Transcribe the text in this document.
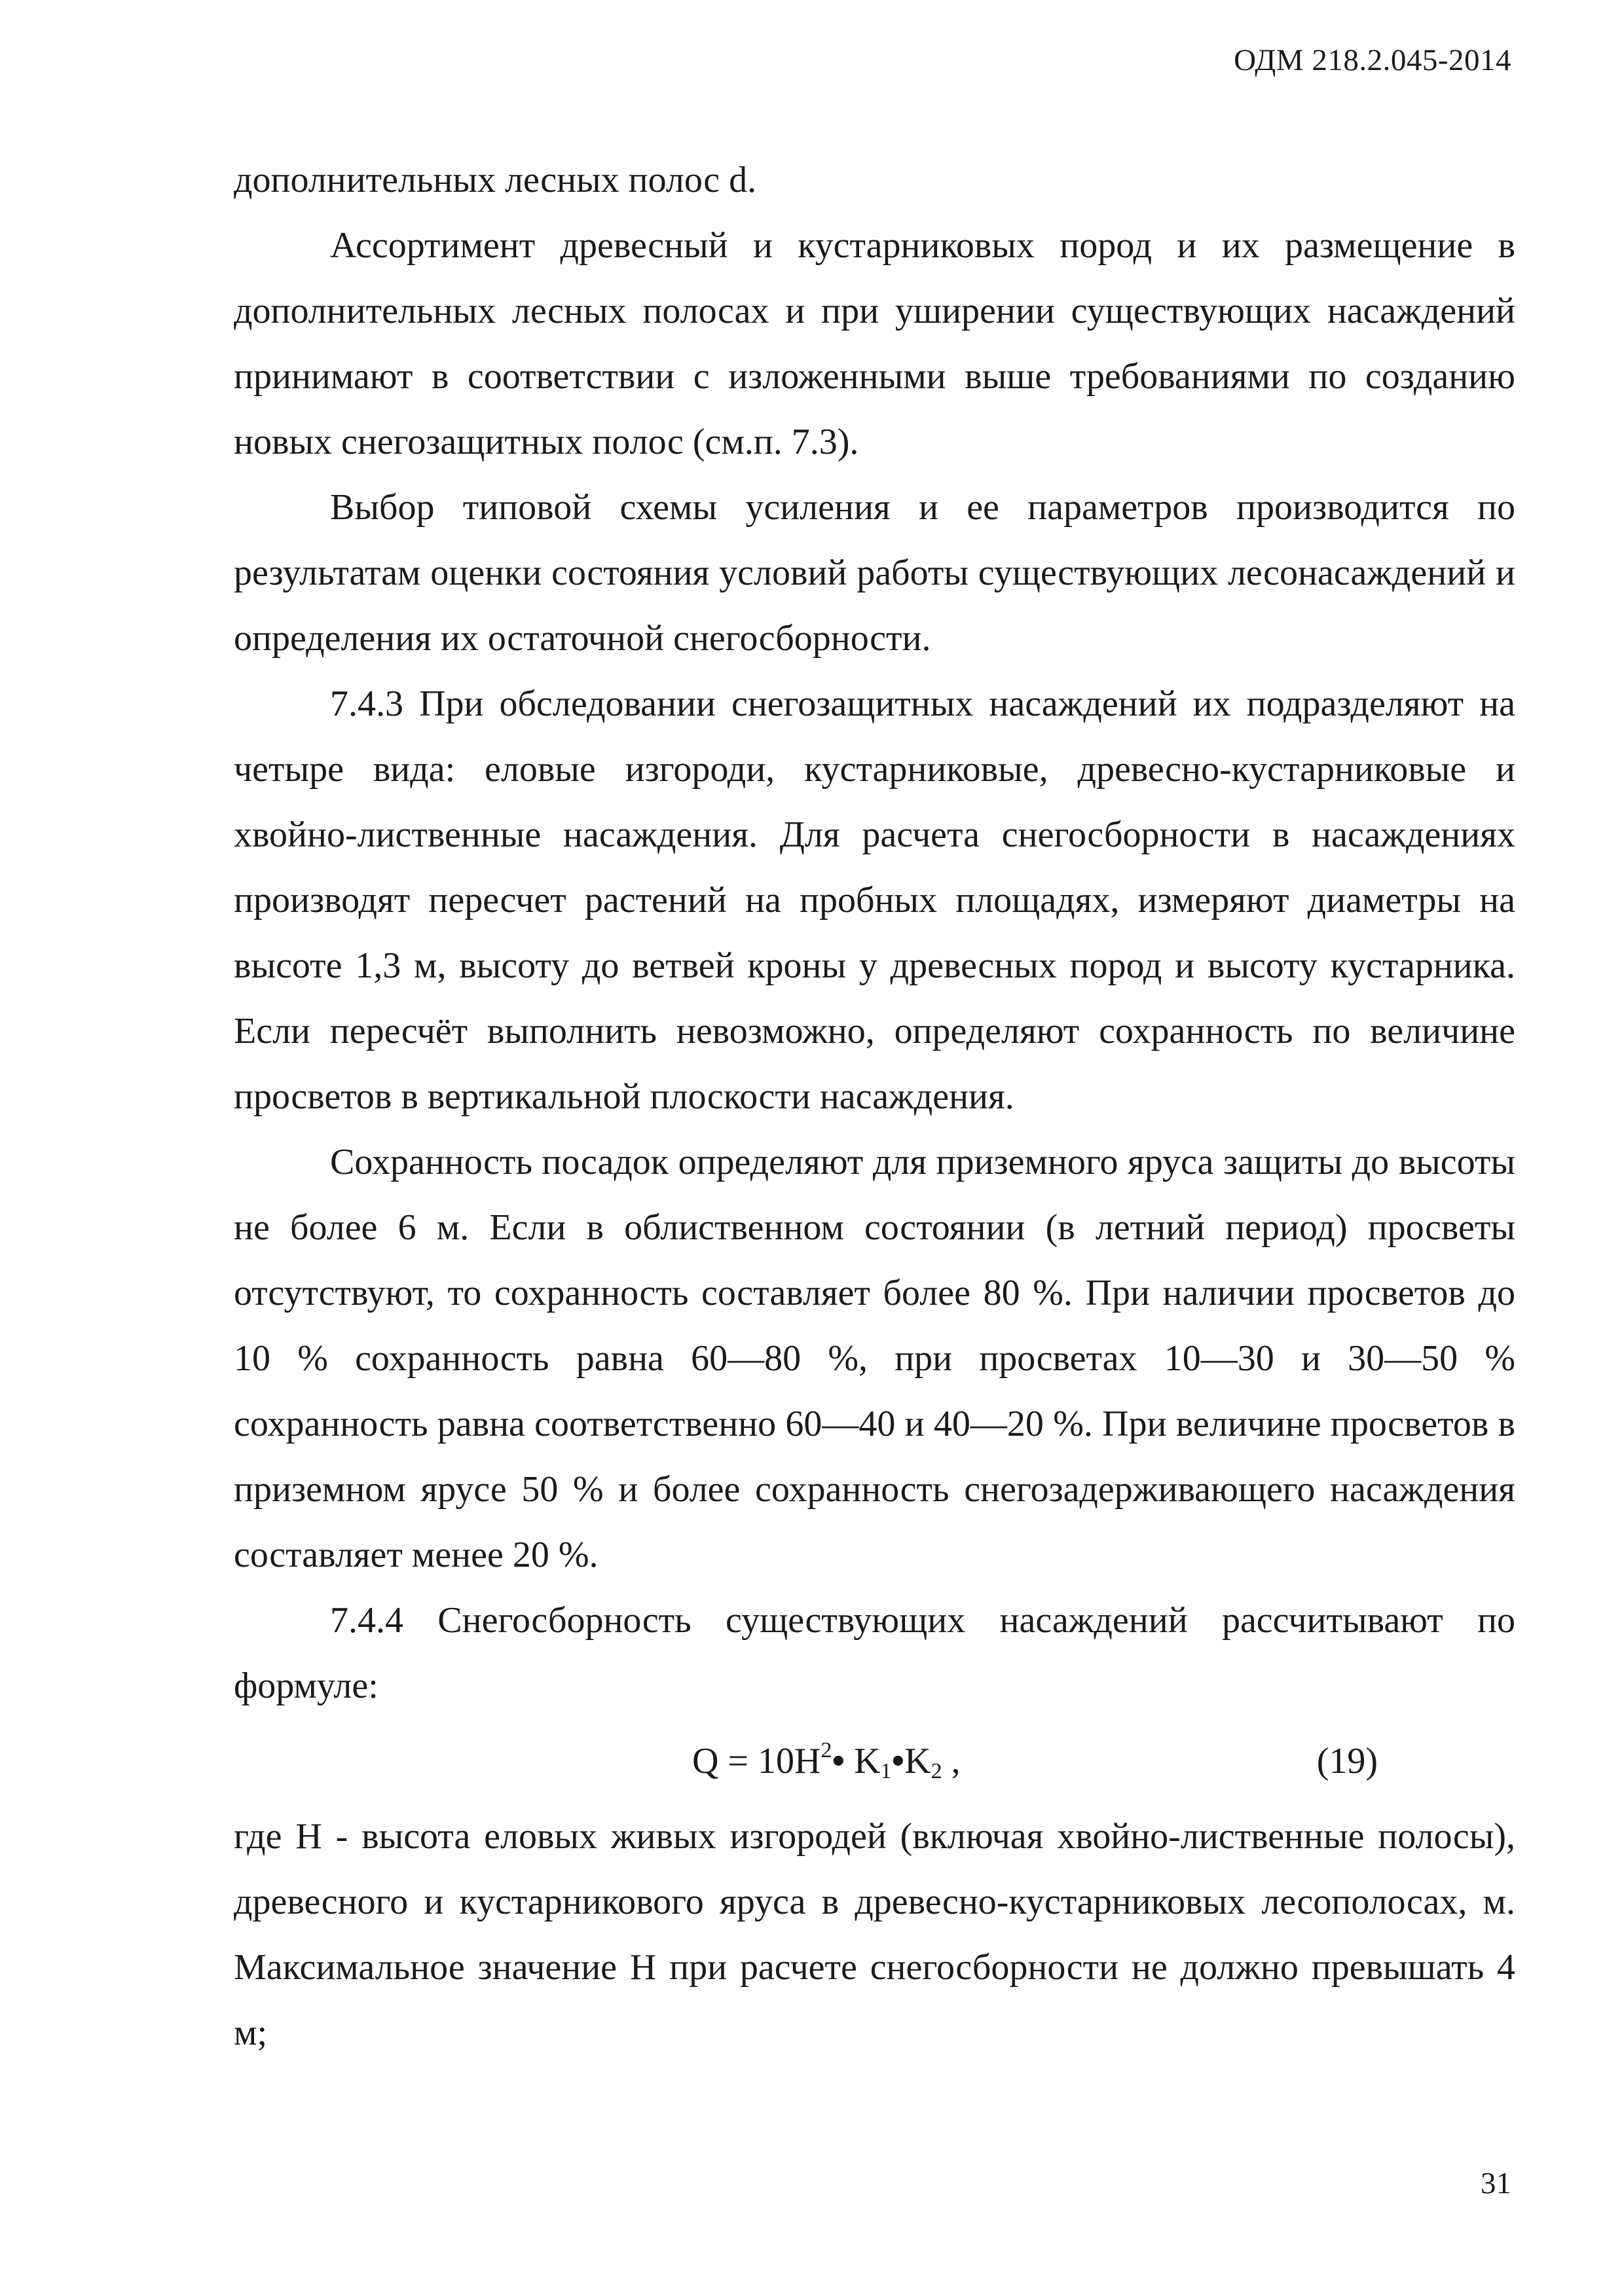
ОДМ 218.2.045-2014

дополнительных лесных полос d.

Ассортимент древесный и кустарниковых пород и их размещение в дополнительных лесных полосах и при уширении существующих насаждений принимают в соответствии с изложенными выше требованиями по созданию новых снегозащитных полос (см.п. 7.3).

Выбор типовой схемы усиления и ее параметров производится по результатам оценки состояния условий работы существующих лесонасаждений и определения их остаточной снегосборности.

7.4.3 При обследовании снегозащитных насаждений их подразделяют на четыре вида: еловые изгороди, кустарниковые, древесно-кустарниковые и хвойно-лиственные насаждения. Для расчета снегосборности в насаждениях производят пересчет растений на пробных площадях, измеряют диаметры на высоте 1,3 м, высоту до ветвей кроны у древесных пород и высоту кустарника. Если пересчёт выполнить невозможно, определяют сохранность по величине просветов в вертикальной плоскости насаждения.

Сохранность посадок определяют для приземного яруса защиты до высоты не более 6 м. Если в облиственном состоянии (в летний период) просветы отсутствуют, то сохранность составляет более 80 %. При наличии просветов до 10 % сохранность равна 60—80 %, при просветах 10—30 и 30—50 % сохранность равна соответственно 60—40 и 40—20 %. При величине просветов в приземном ярусе 50 % и более сохранность снегозадерживающего насаждения составляет менее 20 %.

7.4.4 Снегосборность существующих насаждений рассчитывают по формуле:

$Q = 10H^2•$ $K_1•K_2$ ,	(19)

где H - высота еловых живых изгородей (включая хвойно-лиственные полосы), древесного и кустарникового яруса в древесно-кустарниковых лесополосах, м. Максимальное значение H при расчете снегосборности не должно превышать 4 м;

31
